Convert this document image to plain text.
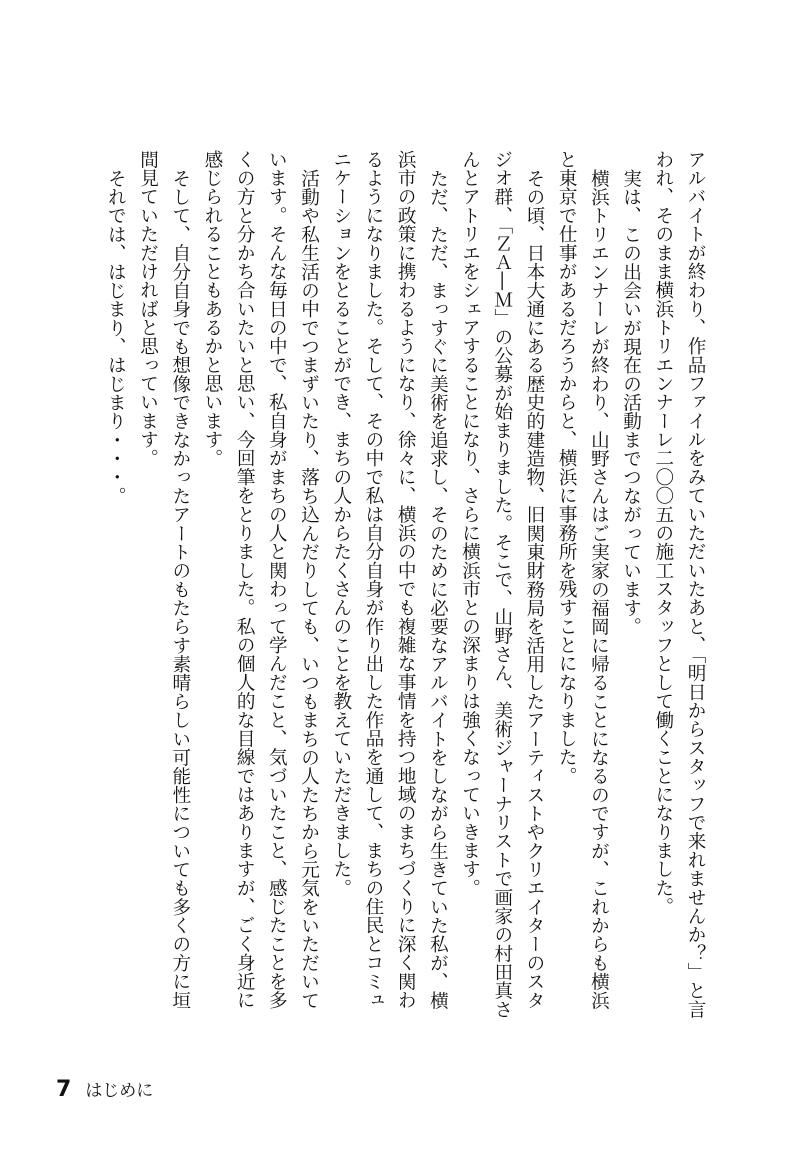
アルバイトが終わり、作品ファイルをみていただいたあと、「明日からスタッフで来れませんか？」と言われ、そのまま横浜トリエンナーレ二〇〇五の施工スタッフとして働くことになりました。

実は、この出会いが現在の活動までつながっています。

横浜トリエンナーレが終わり、山野さんはご実家の福岡に帰ることになるのですが、これからも横浜と東京で仕事があるだろうからと、横浜に事務所を残すことになりました。

その頃、日本大通にある歴史的建造物、旧関東財務局を活用したアーティストやクリエイターのスタジオ群、「ＺＡ―Ｍ」の公募が始まりました。そこで、山野さん、美術ジャーナリストで画家の村田真さんとアトリエをシェアすることになり、さらに横浜市との深まりは強くなっていきます。

ただ、ただ、まっすぐに美術を追求し、そのために必要なアルバイトをしながら生きていた私が、横浜市の政策に携わるようになり、徐々に、横浜の中でも複雑な事情を持つ地域のまちづくりに深く関わるようになりました。そして、その中で私は自分自身が作り出した作品を通して、まちの住民とコミュニケーションをとることができ、まちの人からたくさんのことを教えていただきました。

活動や私生活の中でつまずいたり、落ち込んだりしても、いつもまちの人たちから元気をいただいています。そんな毎日の中で、私自身がまちの人と関わって学んだこと、気づいたこと、感じたことを多くの方と分かち合いたいと思い、今回筆をとりました。私の個人的な目線ではありますが、ごく身近に感じられることもあるかと思います。

そして、自分自身でも想像できなかったアートのもたらす素晴らしい可能性についても多くの方に垣間見ていただければと思っています。

それでは、はじまり、はじまり・・・。

7 はじめに
